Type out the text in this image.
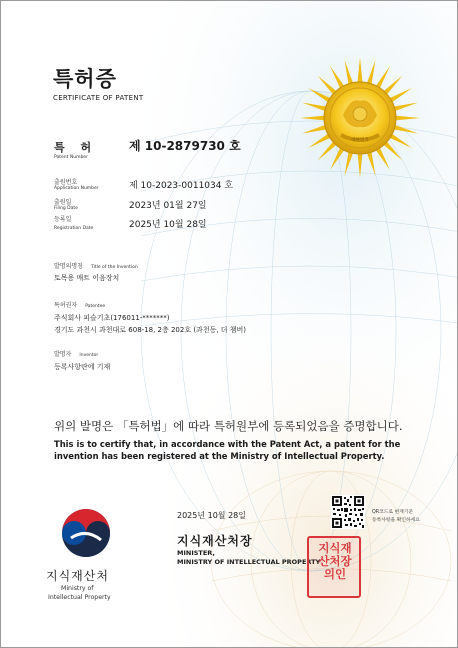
특허증
CERTIFICATE OF PATENT
대한민국
특 허
Patent Number
제 10-2879730 호
출원번호
Application Number	제 10-2023-0011034 호
출원일
Filing Date	2023년 01월 27일
등록일
Registration Date	2025년 10월 28일
발명의명칭 Title of the Invention
토목용 매트 이음장치
특허권자 Patentee
주식회사 피슬기초(176011-*******)
경기도 과천시 과천대로 608-18, 2층 202호 (과천동, 더 챔버)
발명자 Inventor
등록사항란에 기재
위의 발명은 「특허법」에 따라 특허원부에 등록되었음을 증명합니다.
This is to certify that, in accordance with the Patent Act, a patent for the invention has been registered at the Ministry of Intellectual Property.
2025년 10월 28일	QR코드로 현재기준
등록사항을 확인하세요
지식재산처장
MINISTER,
MINISTRY OF INTELLECTUAL PROPERTY
지식재산처장의인
지식재산처
Ministry of
Intellectual Property
